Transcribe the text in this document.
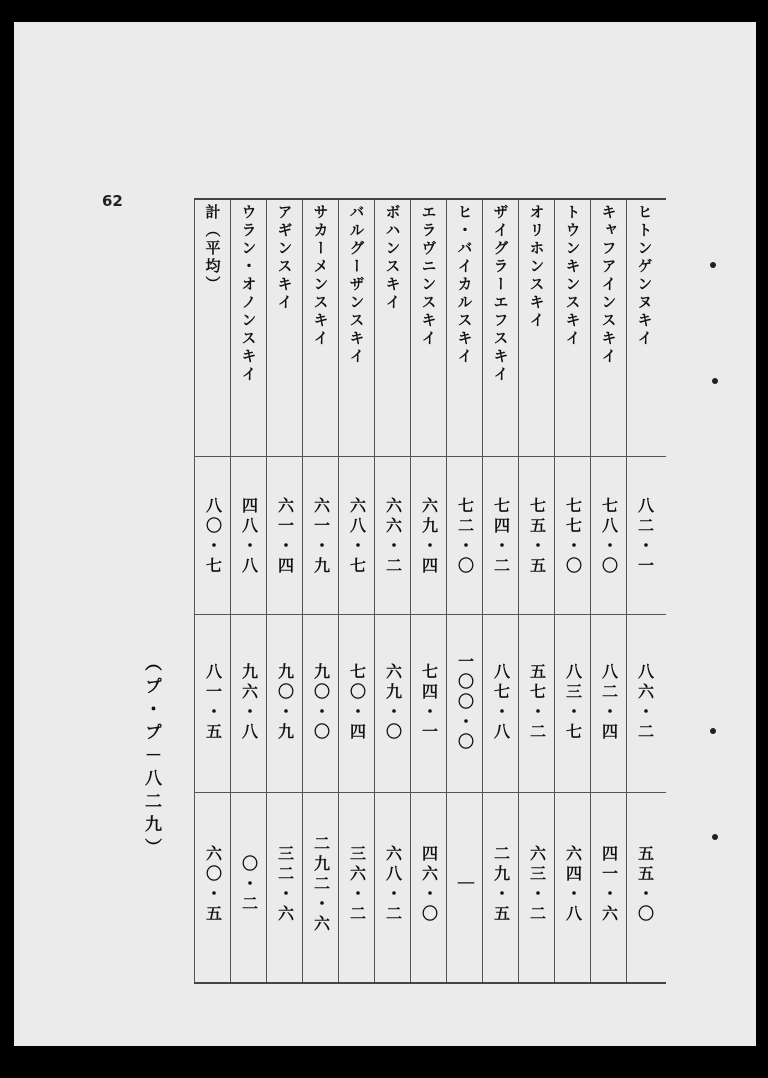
62
（プ・プ－八二九）
ヒトンゲンヌキイ
八二・一
八六・二
五五・〇
キャフアインスキイ
七八・〇
八二・四
四一・六
トウンキンスキイ
七七・〇
八三・七
六四・八
オリホンスキイ
七五・五
五七・二
六三・二
ザイグラーエフスキイ
七四・二
八七・八
二九・五
ヒ・バイカルスキイ
七二・〇
一〇〇・〇
｜
エラヴニンスキイ
六九・四
七四・一
四六・〇
ボハンスキイ
六六・二
六九・〇
六八・二
バルグーザンスキイ
六八・七
七〇・四
三六・二
サカーメンスキイ
六一・九
九〇・〇
二九二・六
アギンスキイ
六一・四
九〇・九
三二・六
ウラン・オノンスキイ
四八・八
九六・八
〇・二
計（平均）
八〇・七
八一・五
六〇・五
